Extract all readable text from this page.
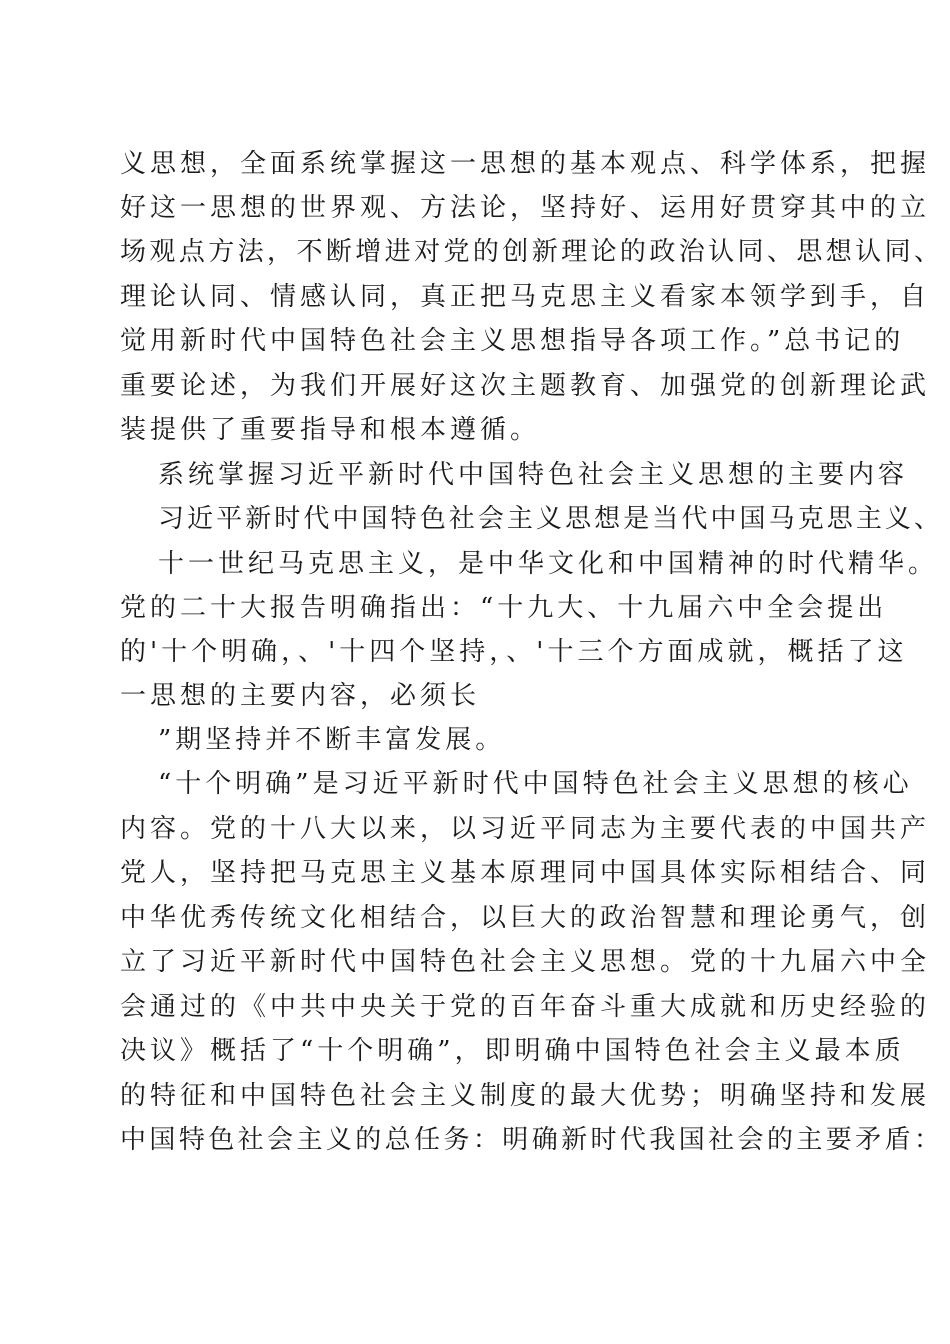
义思想，全面系统掌握这一思想的基本观点、科学体系，把握
好这一思想的世界观、方法论，坚持好、运用好贯穿其中的立
场观点方法，不断增进对党的创新理论的政治认同、思想认同、
理论认同、情感认同，真正把马克思主义看家本领学到手，自
觉用新时代中国特色社会主义思想指导各项工作。”总书记的
重要论述，为我们开展好这次主题教育、加强党的创新理论武
装提供了重要指导和根本遵循。
系统掌握习近平新时代中国特色社会主义思想的主要内容
习近平新时代中国特色社会主义思想是当代中国马克思主义、
十一世纪马克思主义，是中华文化和中国精神的时代精华。
党的二十大报告明确指出：“十九大、十九届六中全会提出
的'十个明确，、'十四个坚持，、'十三个方面成就，概括了这
一思想的主要内容，必须长
”期坚持并不断丰富发展。
“十个明确”是习近平新时代中国特色社会主义思想的核心
内容。党的十八大以来，以习近平同志为主要代表的中国共产
党人，坚持把马克思主义基本原理同中国具体实际相结合、同
中华优秀传统文化相结合，以巨大的政治智慧和理论勇气，创
立了习近平新时代中国特色社会主义思想。党的十九届六中全
会通过的《中共中央关于党的百年奋斗重大成就和历史经验的
决议》概括了“十个明确”，即明确中国特色社会主义最本质
的特征和中国特色社会主义制度的最大优势；明确坚持和发展
中国特色社会主义的总任务：明确新时代我国社会的主要矛盾：
